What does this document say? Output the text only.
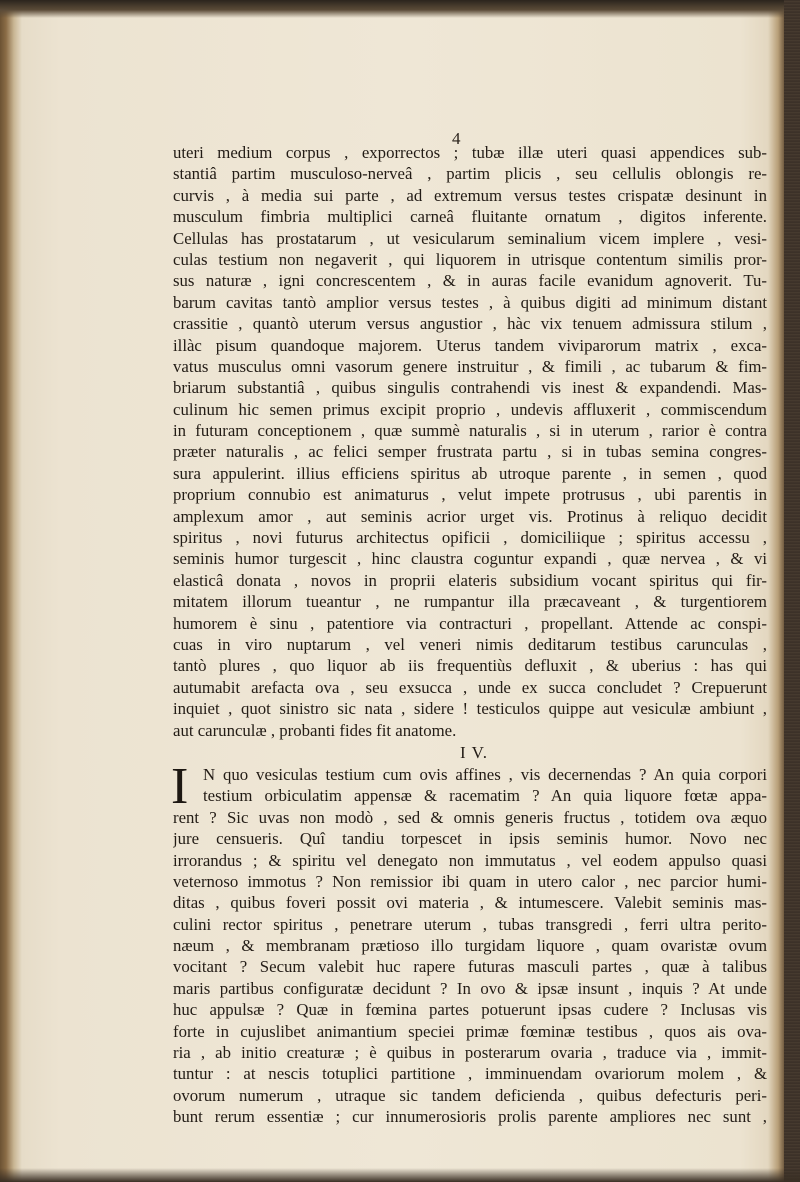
4
uteri medium corpus , exporrectos ; tubæ illæ uteri quasi appendices sub-
stantiâ partim musculoso-nerveâ , partim plicis , seu cellulis oblongis re-
curvis , à media sui parte , ad extremum versus testes crispatæ desinunt in
musculum fimbria multiplici carneâ fluitante ornatum , digitos inferente.
Cellulas has prostatarum , ut vesicularum seminalium vicem implere , vesi-
culas testium non negaverit , qui liquorem in utrisque contentum similis pror-
sus naturæ , igni concrescentem , & in auras facile evanidum agnoverit. Tu-
barum cavitas tantò amplior versus testes , à quibus digiti ad minimum distant
crassitie , quantò uterum versus angustior , hàc vix tenuem admissura stilum ,
illàc pisum quandoque majorem. Uterus tandem viviparorum matrix , exca-
vatus musculus omni vasorum genere instruitur , & fimili , ac tubarum & fim-
briarum substantiâ , quibus singulis contrahendi vis inest & expandendi. Mas-
culinum hic semen primus excipit proprio , undevis affluxerit , commiscendum
in futuram conceptionem , quæ summè naturalis , si in uterum , rarior è contra
præter naturalis , ac felici semper frustrata partu , si in tubas semina congres-
sura appulerint. illius efficiens spiritus ab utroque parente , in semen , quod
proprium connubio est animaturus , velut impete protrusus , ubi parentis in
amplexum amor , aut seminis acrior urget vis. Protinus à reliquo decidit
spiritus , novi futurus architectus opificii , domiciliique ; spiritus accessu ,
seminis humor turgescit , hinc claustra coguntur expandi , quæ nervea , & vi
elasticâ donata , novos in proprii elateris subsidium vocant spiritus qui fir-
mitatem illorum tueantur , ne rumpantur illa præcaveant , & turgentiorem
humorem è sinu , patentiore via contracturi , propellant. Attende ac conspi-
cuas in viro nuptarum , vel veneri nimis deditarum testibus carunculаs ,
tantò plures , quo liquor ab iis frequentiùs defluxit , & uberius : has qui
autumabit arefacta ova , seu exsucca , unde ex succa concludet ? Crepuerunt
inquiet , quot sinistro sic nata , sidere ! testiculos quippe aut vesiculæ ambiunt ,
aut carunculæ , probanti fides fit anatome.
I V.
I N quo vesiculas testium cum ovis affines , vis decernendas ? An quia corpori
testium orbiculatim appensæ & racematim ? An quia liquore fœtæ appa-
rent ? Sic uvas non modò , sed & omnis generis fructus , totidem ova æquo
jure censueris. Quî tandiu torpescet in ipsis seminis humor. Novo nec
irrorandus ; & spiritu vel denegato non immutatus , vel eodem appulso quasi
veternoso immotus ? Non remissior ibi quam in utero calor , nec parcior humi-
ditas , quibus foveri possit ovi materia , & intumescere. Valebit seminis mas-
culini rector spiritus , penetrare uterum , tubas transgredi , ferri ultra perito-
næum , & membranam prætioso illo turgidam liquore , quam ovaristæ ovum
vocitant ? Secum valebit huc rapere futuras masculi partes , quæ à talibus
maris partibus configuratæ decidunt ? In ovo & ipsæ insunt , inquis ? At unde
huc appulsæ ? Quæ in fœmina partes potuerunt ipsas cudere ? Inclusas vis
forte in cujuslibet animantium speciei primæ fœminæ testibus , quos ais ova-
ria , ab initio creaturæ ; è quibus in posterarum ovaria , traduce via , immit-
tuntur : at nescis totuplici partitione , imminuendam ovariorum molem , &
ovorum numerum , utraque sic tandem deficienda , quibus defecturis peri-
bunt rerum essentiæ ; cur innumerosioris prolis parente ampliores nec sunt ,
